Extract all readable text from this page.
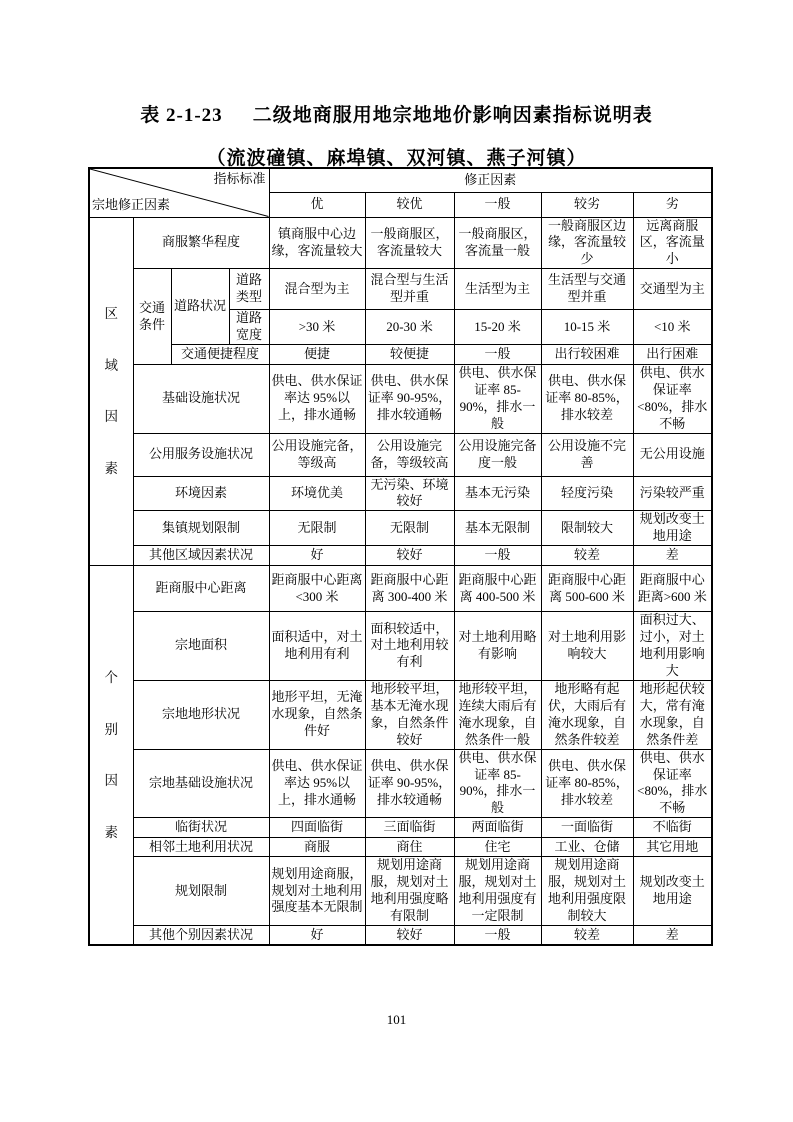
表 2-1-23 二级地商服用地宗地地价影响因素指标说明表
（流波䃥镇、麻埠镇、双河镇、燕子河镇）
指标标准
宗地修正因素				修正因素				
				优	较优	一般	较劣	劣

区
域
因
素	商服繁华程度			镇商服中心边缘，客流量较大	一般商服区，客流量较大	一般商服区，客流量一般	一般商服区边缘，客流量较少	远离商服区，客流量小
	交通条件	道路状况	道路类型	混合型为主	混合型与生活型并重	生活型为主	生活型与交通型并重	交通型为主
			道路宽度	>30 米	20-30 米	15-20 米	10-15 米	<10 米
		交通便捷程度		便捷	较便捷	一般	出行较困难	出行困难
	基础设施状况			供电、供水保证率达 95%以上，排水通畅	供电、供水保证率 90-95%，排水较通畅	供电、供水保证率 85-90%，排水一般	供电、供水保证率 80-85%，排水较差	供电、供水保证率<80%，排水不畅
	公用服务设施状况			公用设施完备，等级高	公用设施完备，等级较高	公用设施完备度一般	公用设施不完善	无公用设施
	环境因素			环境优美	无污染、环境较好	基本无污染	轻度污染	污染较严重
	集镇规划限制			无限制	无限制	基本无限制	限制较大	规划改变土地用途
	其他区域因素状况			好	较好	一般	较差	差

个
别
因
素	距商服中心距离			距商服中心距离<300 米	距商服中心距离 300-400 米	距商服中心距离 400-500 米	距商服中心距离 500-600 米	距商服中心距离>600 米
	宗地面积			面积适中，对土地利用有利	面积较适中，对土地利用较有利	对土地利用略有影响	对土地利用影响较大	面积过大、过小，对土地利用影响大
	宗地地形状况			地形平坦，无淹水现象，自然条件好	地形较平坦，基本无淹水现象，自然条件较好	地形较平坦，连续大雨后有淹水现象，自然条件一般	地形略有起伏，大雨后有淹水现象，自然条件较差	地形起伏较大，常有淹水现象，自然条件差
	宗地基础设施状况			供电、供水保证率达 95%以上，排水通畅	供电、供水保证率 90-95%，排水较通畅	供电、供水保证率 85-90%，排水一般	供电、供水保证率 80-85%，排水较差	供电、供水保证率<80%，排水不畅
	临街状况			四面临街	三面临街	两面临街	一面临街	不临街
	相邻土地利用状况			商服	商住	住宅	工业、仓储	其它用地
	规划限制			规划用途商服，规划对土地利用强度基本无限制	规划用途商服，规划对土地利用强度略有限制	规划用途商服，规划对土地利用强度有一定限制	规划用途商服，规划对土地利用强度限制较大	规划改变土地用途
	其他个别因素状况			好	较好	一般	较差	差
101
